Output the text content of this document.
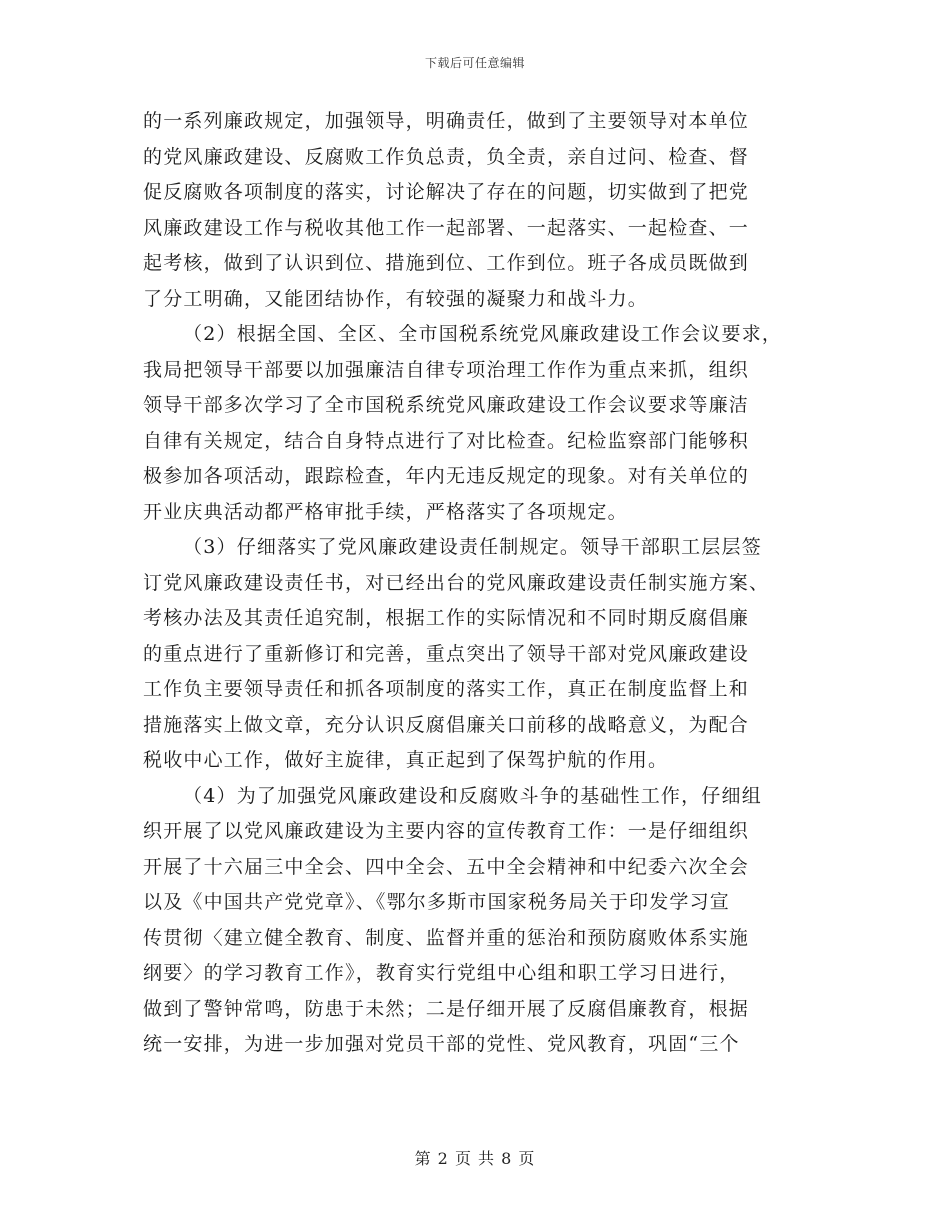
下载后可任意编辑
的一系列廉政规定，加强领导，明确责任，做到了主要领导对本单位
的党风廉政建设、反腐败工作负总责，负全责，亲自过问、检查、督
促反腐败各项制度的落实，讨论解决了存在的问题，切实做到了把党
风廉政建设工作与税收其他工作一起部署、一起落实、一起检查、一
起考核，做到了认识到位、措施到位、工作到位。班子各成员既做到
了分工明确，又能团结协作，有较强的凝聚力和战斗力。
（2）根据全国、全区、全市国税系统党风廉政建设工作会议要求，
我局把领导干部要以加强廉洁自律专项治理工作作为重点来抓，组织
领导干部多次学习了全市国税系统党风廉政建设工作会议要求等廉洁
自律有关规定，结合自身特点进行了对比检查。纪检监察部门能够积
极参加各项活动，跟踪检查，年内无违反规定的现象。对有关单位的
开业庆典活动都严格审批手续，严格落实了各项规定。
（3）仔细落实了党风廉政建设责任制规定。领导干部职工层层签
订党风廉政建设责任书，对已经出台的党风廉政建设责任制实施方案、
考核办法及其责任追究制，根据工作的实际情况和不同时期反腐倡廉
的重点进行了重新修订和完善，重点突出了领导干部对党风廉政建设
工作负主要领导责任和抓各项制度的落实工作，真正在制度监督上和
措施落实上做文章，充分认识反腐倡廉关口前移的战略意义，为配合
税收中心工作，做好主旋律，真正起到了保驾护航的作用。
（4）为了加强党风廉政建设和反腐败斗争的基础性工作，仔细组
织开展了以党风廉政建设为主要内容的宣传教育工作：一是仔细组织
开展了十六届三中全会、四中全会、五中全会精神和中纪委六次全会
以及《中国共产党党章》、《鄂尔多斯市国家税务局关于印发学习宣
传贯彻〈建立健全教育、制度、监督并重的惩治和预防腐败体系实施
纲要〉的学习教育工作》，教育实行党组中心组和职工学习日进行，
做到了警钟常鸣，防患于未然；二是仔细开展了反腐倡廉教育，根据
统一安排，为进一步加强对党员干部的党性、党风教育，巩固“三个
第 2 页 共 8 页
